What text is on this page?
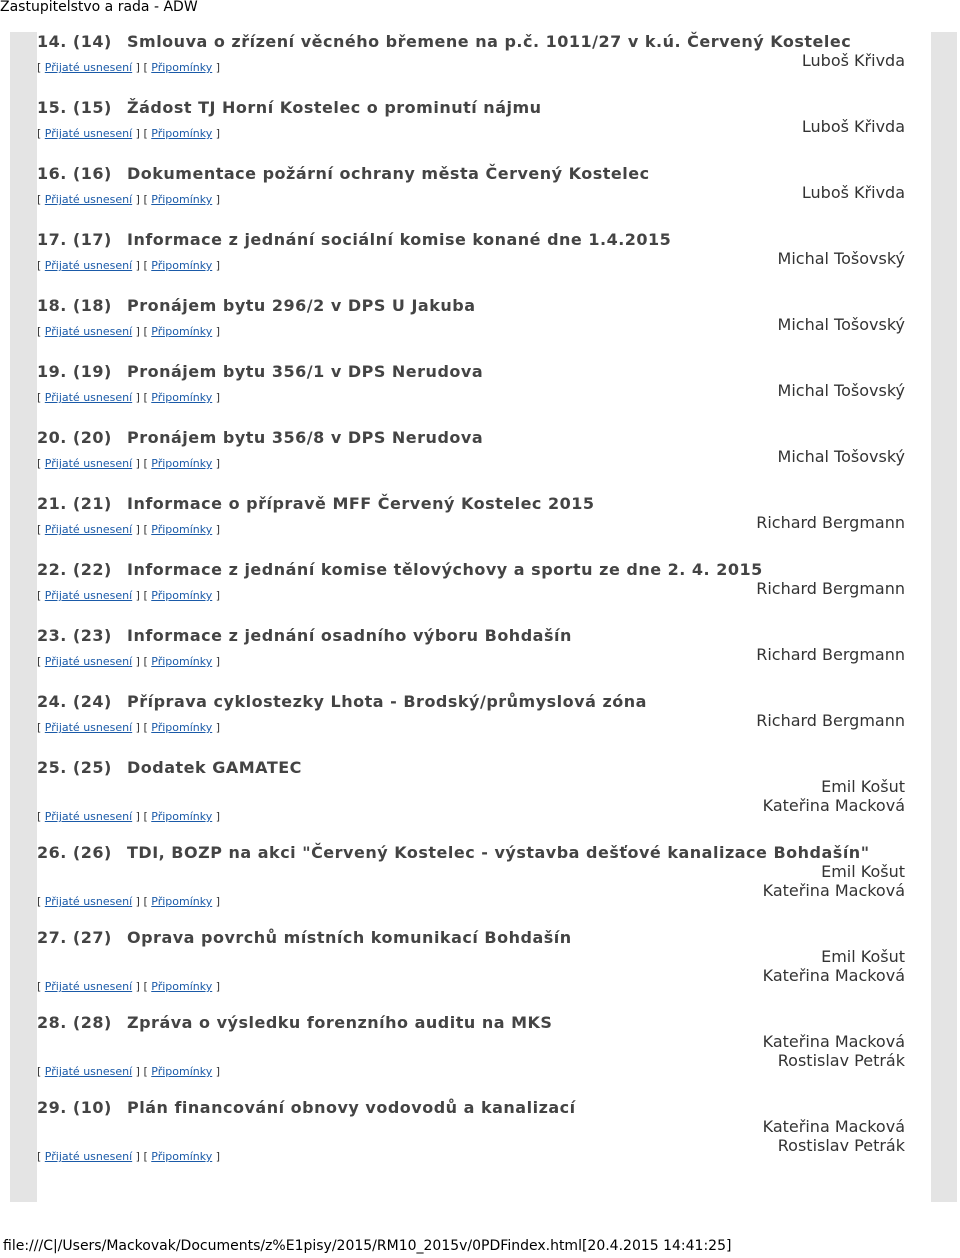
Zastupitelstvo a rada - ADW
14. (14) Smlouva o zřízení věcného břemene na p.č. 1011/27 v k.ú. Červený Kostelec
Luboš Křivda
[ Přijaté usnesení ] [ Připomínky ]
15. (15) Žádost TJ Horní Kostelec o prominutí nájmu
Luboš Křivda
[ Přijaté usnesení ] [ Připomínky ]
16. (16) Dokumentace požární ochrany města Červený Kostelec
Luboš Křivda
[ Přijaté usnesení ] [ Připomínky ]
17. (17) Informace z jednání sociální komise konané dne 1.4.2015
Michal Tošovský
[ Přijaté usnesení ] [ Připomínky ]
18. (18) Pronájem bytu 296/2 v DPS U Jakuba
Michal Tošovský
[ Přijaté usnesení ] [ Připomínky ]
19. (19) Pronájem bytu 356/1 v DPS Nerudova
Michal Tošovský
[ Přijaté usnesení ] [ Připomínky ]
20. (20) Pronájem bytu 356/8 v DPS Nerudova
Michal Tošovský
[ Přijaté usnesení ] [ Připomínky ]
21. (21) Informace o přípravě MFF Červený Kostelec 2015
Richard Bergmann
[ Přijaté usnesení ] [ Připomínky ]
22. (22) Informace z jednání komise tělovýchovy a sportu ze dne 2. 4. 2015
Richard Bergmann
[ Přijaté usnesení ] [ Připomínky ]
23. (23) Informace z jednání osadního výboru Bohdašín
Richard Bergmann
[ Přijaté usnesení ] [ Připomínky ]
24. (24) Příprava cyklostezky Lhota - Brodský/průmyslová zóna
Richard Bergmann
[ Přijaté usnesení ] [ Připomínky ]
25. (25) Dodatek GAMATEC
Emil Košut
Kateřina Macková
[ Přijaté usnesení ] [ Připomínky ]
26. (26) TDI, BOZP na akci "Červený Kostelec - výstavba dešťové kanalizace Bohdašín"
Emil Košut
Kateřina Macková
[ Přijaté usnesení ] [ Připomínky ]
27. (27) Oprava povrchů místních komunikací Bohdašín
Emil Košut
Kateřina Macková
[ Přijaté usnesení ] [ Připomínky ]
28. (28) Zpráva o výsledku forenzního auditu na MKS
Kateřina Macková
Rostislav Petrák
[ Přijaté usnesení ] [ Připomínky ]
29. (10) Plán financování obnovy vodovodů a kanalizací
Kateřina Macková
Rostislav Petrák
[ Přijaté usnesení ] [ Připomínky ]
file:///C|/Users/Mackovak/Documents/z%E1pisy/2015/RM10_2015v/0PDFindex.html[20.4.2015 14:41:25]
